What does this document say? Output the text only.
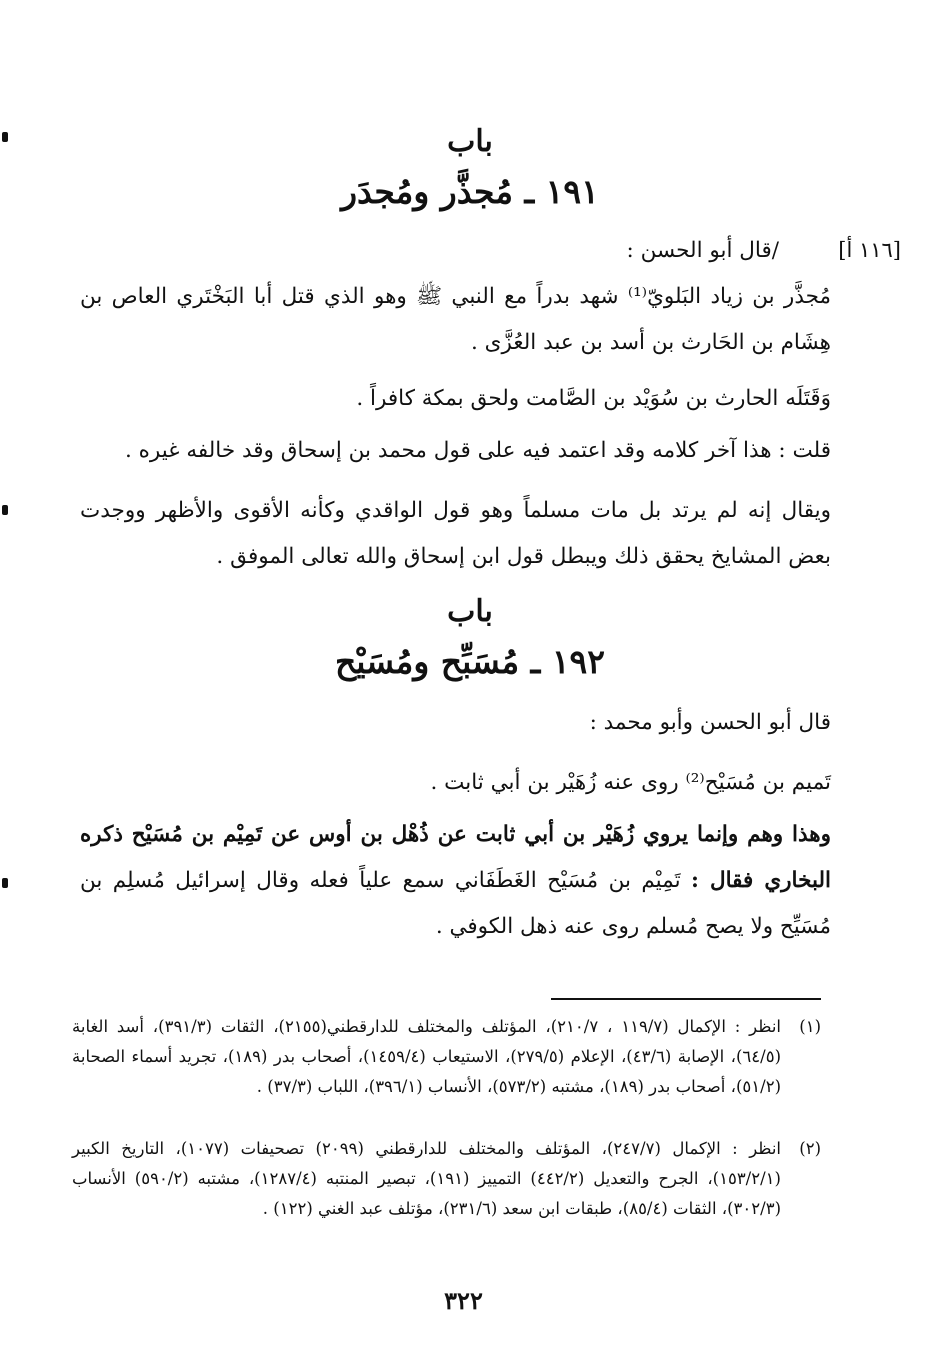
باب
١٩١ ـ مُجذَّر ومُجدَر
[١١٦ أ]
/قال أبو الحسن :
مُجذَّر بن زياد البَلويّ⁽¹⁾ شهد بدراً مع النبي ﷺ وهو الذي قتل أبا البَخْتَري العاص بن هِشَام بن الحَارث بن أسد بن عبد العُزَّى .
وَقَتَلَه الحارث بن سُوَيْد بن الصَّامت ولحق بمكة كافراً .
قلت : هذا آخر كلامه وقد اعتمد فيه على قول محمد بن إسحاق وقد خالفه غيره .
ويقال إنه لم يرتد بل مات مسلماً وهو قول الواقدي وكأنه الأقوى والأظهر ووجدت بعض المشايخ يحقق ذلك ويبطل قول ابن إسحاق والله تعالى الموفق .
باب
١٩٢ ـ مُسَبِّح ومُسَيْح
قال أبو الحسن وأبو محمد :
تَميم بن مُسَيْح⁽²⁾ روى عنه زُهَيْر بن أبي ثابت .
وهذا وهم وإنما يروي زُهَيْر بن أبي ثابت عن ذُهْل بن أوس عن تَمِيْم بن مُسَيْح ذكره البخاري فقال : تَمِيْم بن مُسَيْح الغَطَفَاني سمع علياً فعله وقال إسرائيل مُسلِم بن مُسَيِّح ولا يصح مُسلم روى عنه ذهل الكوفي .
(١)
انظر : الإكمال (١١٩/٧ ، ٢١٠/٧)، المؤتلف والمختلف للدارقطني(٢١٥٥)، الثقات (٣٩١/٣)، أسد الغابة (٦٤/٥)، الإصابة (٤٣/٦)، الإعلام (٢٧٩/٥)، الاستيعاب (١٤٥٩/٤)، أصحاب بدر (١٨٩)، تجريد أسماء الصحابة (٥١/٢)، أصحاب بدر (١٨٩)، مشتبه (٥٧٣/٢)، الأنساب (٣٩٦/١)، اللباب (٣٧/٣) .
(٢)
انظر : الإكمال (٢٤٧/٧)، المؤتلف والمختلف للدارقطني (٢٠٩٩) تصحيفات (١٠٧٧)، التاريخ الكبير (١٥٣/٢/١)، الجرح والتعديل (٤٤٢/٢) التمييز (١٩١)، تبصير المنتبه (١٢٨٧/٤)، مشتبه (٥٩٠/٢) الأنساب (٣٠٢/٣)، الثقات (٨٥/٤)، طبقات ابن سعد (٢٣١/٦)، مؤتلف عبد الغني (١٢٢) .
٣٢٢
